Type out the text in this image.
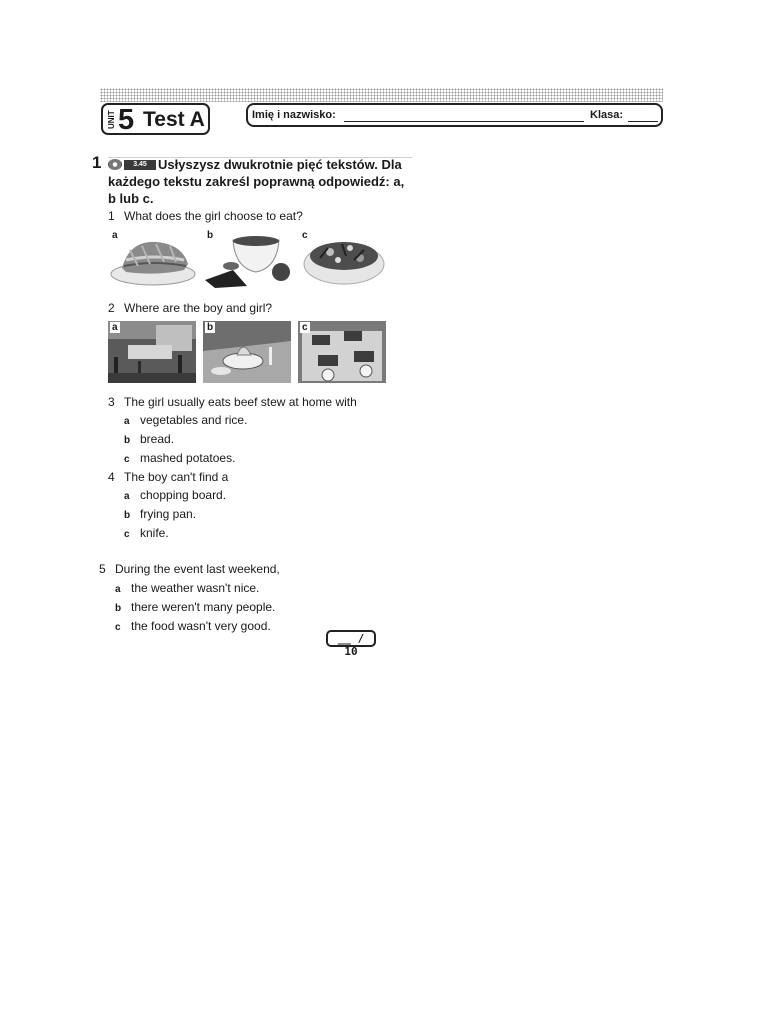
UNIT 5 Test A	Imię i nazwisko:	Klasa:
1	Usłyszysz dwukrotnie pięć tekstów. Dla każdego tekstu zakreśl poprawną odpowiedź: a, b lub c.
3.45
1 What does the girl choose to eat?
a	b	c
2 Where are the boy and girl?
a	b	c
3 The girl usually eats beef stew at home with
a vegetables and rice.
b bread.
c mashed potatoes.
4 The boy can't find a
a chopping board.
b frying pan.
c knife.
5 During the event last weekend,
a the weather wasn't nice.
b there weren't many people.
c the food wasn't very good.
__ / 10
